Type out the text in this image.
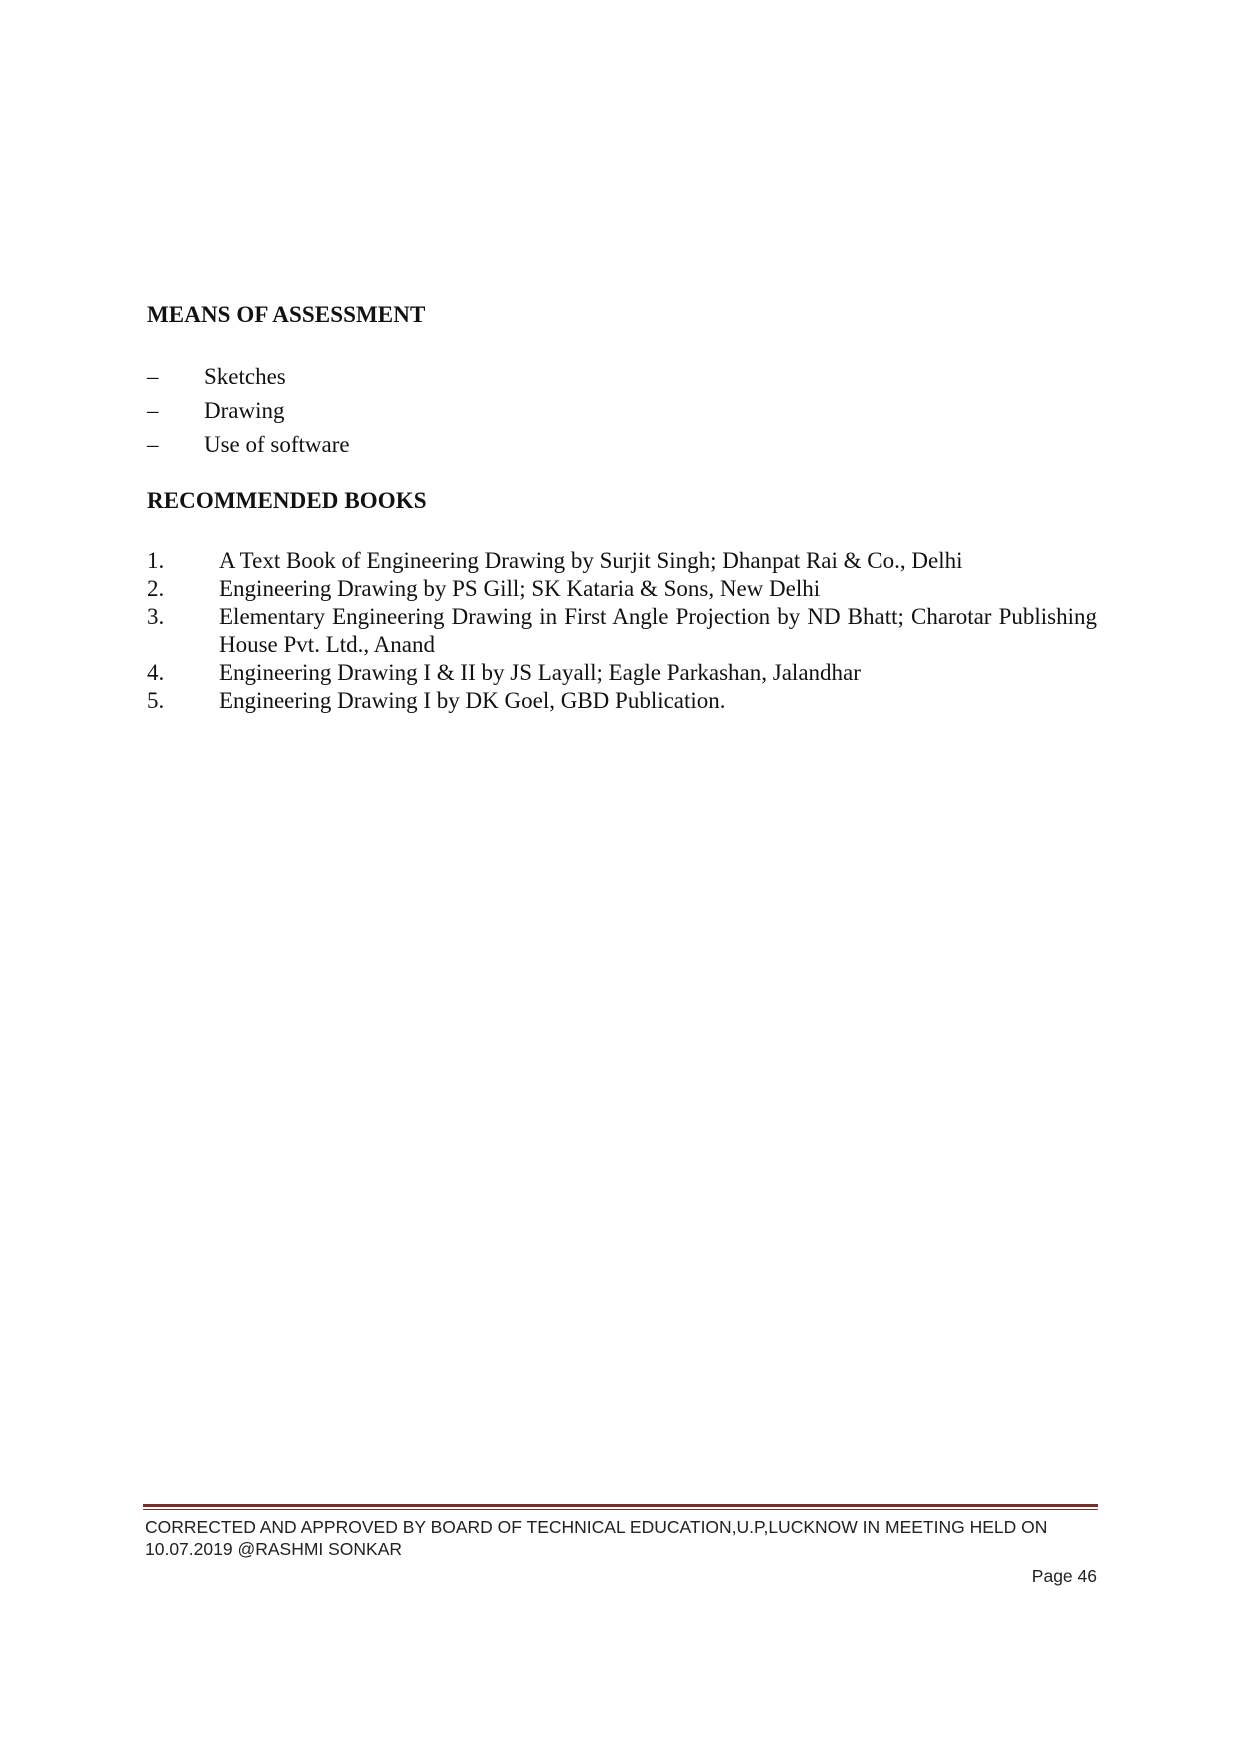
MEANS OF ASSESSMENT
– Sketches
– Drawing
– Use of software
RECOMMENDED BOOKS
1. A Text Book of Engineering Drawing by Surjit Singh; Dhanpat Rai & Co., Delhi
2. Engineering Drawing by PS Gill; SK Kataria & Sons, New Delhi
3. Elementary Engineering Drawing in First Angle Projection by ND Bhatt; Charotar Publishing House Pvt. Ltd., Anand
4. Engineering Drawing I & II by JS Layall; Eagle Parkashan, Jalandhar
5. Engineering Drawing I by DK Goel, GBD Publication.
CORRECTED AND APPROVED BY BOARD OF TECHNICAL EDUCATION,U.P,LUCKNOW IN MEETING HELD ON 10.07.2019 @RASHMI SONKAR
Page 46
